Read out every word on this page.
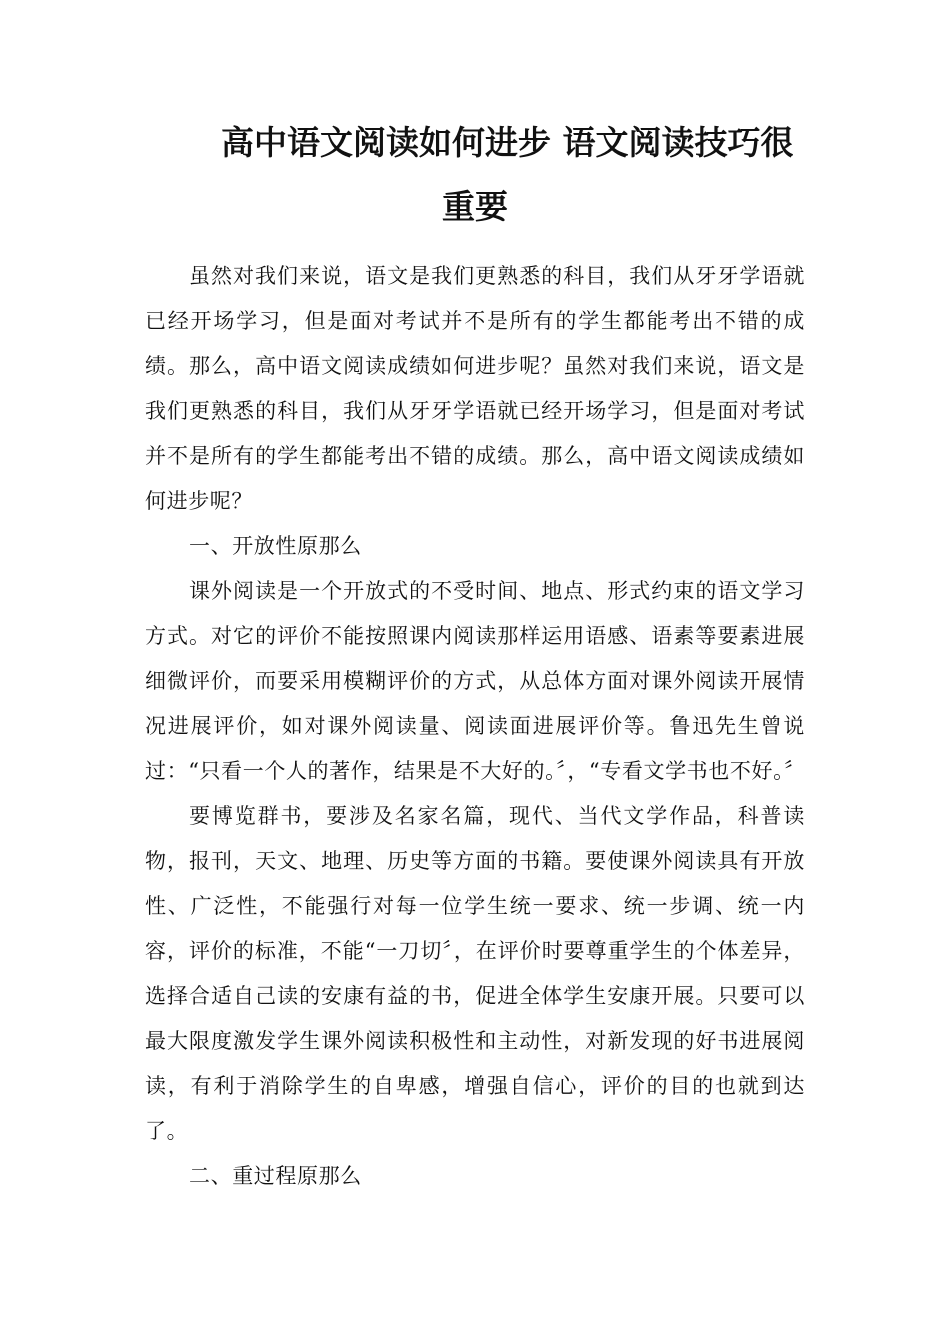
高中语文阅读如何进步 语文阅读技巧很
重要

虽然对我们来说，语文是我们更熟悉的科目，我们从牙牙学语就已经开场学习，但是面对考试并不是所有的学生都能考出不错的成绩。那么，高中语文阅读成绩如何进步呢？虽然对我们来说，语文是我们更熟悉的科目，我们从牙牙学语就已经开场学习，但是面对考试并不是所有的学生都能考出不错的成绩。那么，高中语文阅读成绩如何进步呢？

一、开放性原那么

课外阅读是一个开放式的不受时间、地点、形式约束的语文学习方式。对它的评价不能按照课内阅读那样运用语感、语素等要素进展细微评价，而要采用模糊评价的方式，从总体方面对课外阅读开展情况进展评价，如对课外阅读量、阅读面进展评价等。鲁迅先生曾说过：“只看一个人的著作，结果是不大好的。〞，“专看文学书也不好。〞

要博览群书，要涉及名家名篇，现代、当代文学作品，科普读物，报刊，天文、地理、历史等方面的书籍。要使课外阅读具有开放性、广泛性，不能强行对每一位学生统一要求、统一步调、统一内容，评价的标准，不能“一刀切〞，在评价时要尊重学生的个体差异，选择合适自己读的安康有益的书，促进全体学生安康开展。只要可以最大限度激发学生课外阅读积极性和主动性，对新发现的好书进展阅读，有利于消除学生的自卑感，增强自信心，评价的目的也就到达了。

二、重过程原那么
